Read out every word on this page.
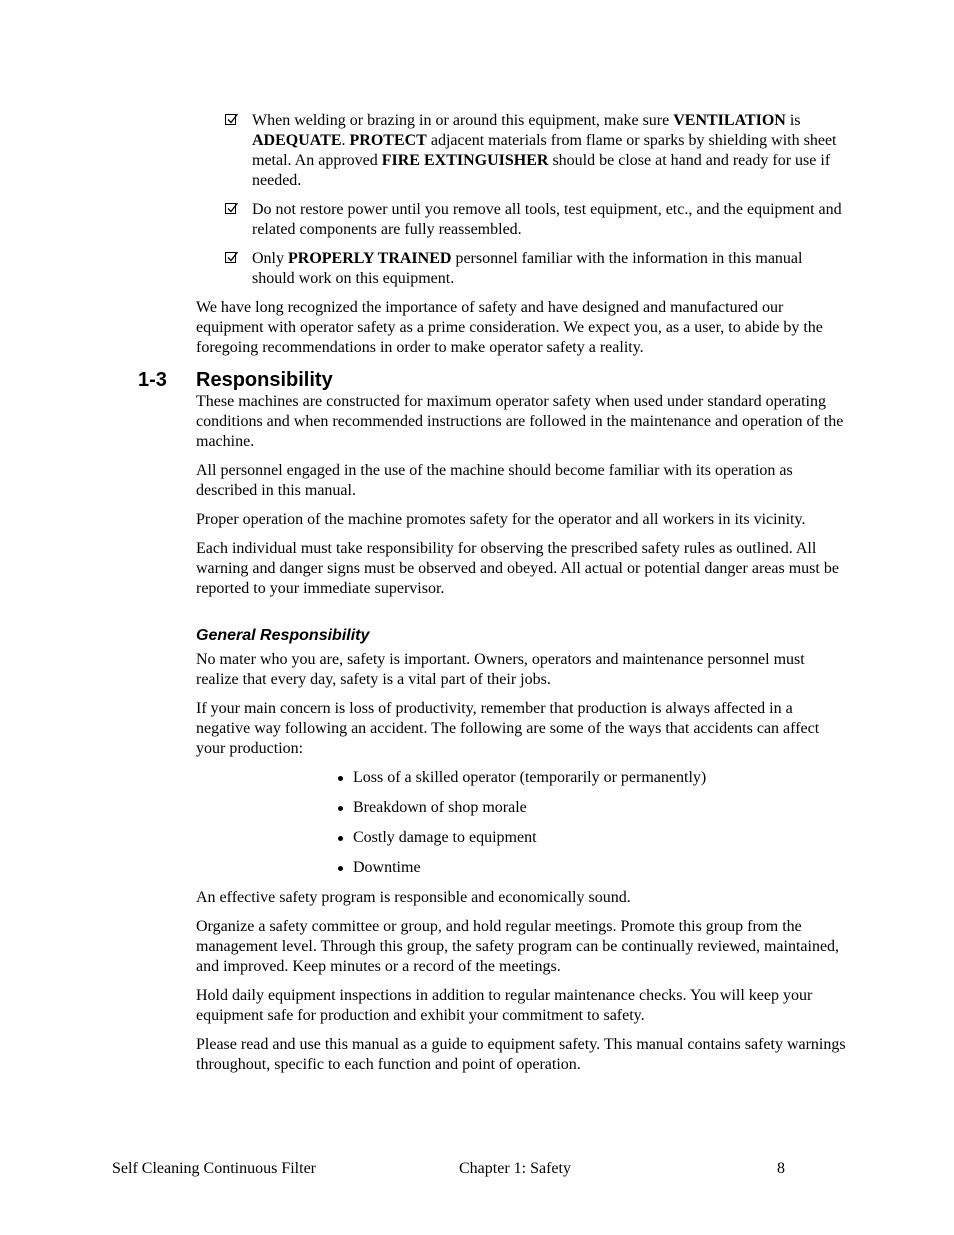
When welding or brazing in or around this equipment, make sure VENTILATION is ADEQUATE. PROTECT adjacent materials from flame or sparks by shielding with sheet metal. An approved FIRE EXTINGUISHER should be close at hand and ready for use if needed.
Do not restore power until you remove all tools, test equipment, etc., and the equipment and related components are fully reassembled.
Only PROPERLY TRAINED personnel familiar with the information in this manual should work on this equipment.

We have long recognized the importance of safety and have designed and manufactured our equipment with operator safety as a prime consideration. We expect you, as a user, to abide by the foregoing recommendations in order to make operator safety a reality.

1-3 Responsibility

These machines are constructed for maximum operator safety when used under standard operating conditions and when recommended instructions are followed in the maintenance and operation of the machine.

All personnel engaged in the use of the machine should become familiar with its operation as described in this manual.

Proper operation of the machine promotes safety for the operator and all workers in its vicinity.

Each individual must take responsibility for observing the prescribed safety rules as outlined. All warning and danger signs must be observed and obeyed. All actual or potential danger areas must be reported to your immediate supervisor.

General Responsibility

No mater who you are, safety is important. Owners, operators and maintenance personnel must realize that every day, safety is a vital part of their jobs.

If your main concern is loss of productivity, remember that production is always affected in a negative way following an accident. The following are some of the ways that accidents can affect your production:

Loss of a skilled operator (temporarily or permanently)
Breakdown of shop morale
Costly damage to equipment
Downtime

An effective safety program is responsible and economically sound.

Organize a safety committee or group, and hold regular meetings. Promote this group from the management level. Through this group, the safety program can be continually reviewed, maintained, and improved. Keep minutes or a record of the meetings.

Hold daily equipment inspections in addition to regular maintenance checks. You will keep your equipment safe for production and exhibit your commitment to safety.

Please read and use this manual as a guide to equipment safety. This manual contains safety warnings throughout, specific to each function and point of operation.

Self Cleaning Continuous Filter	Chapter 1: Safety	8
